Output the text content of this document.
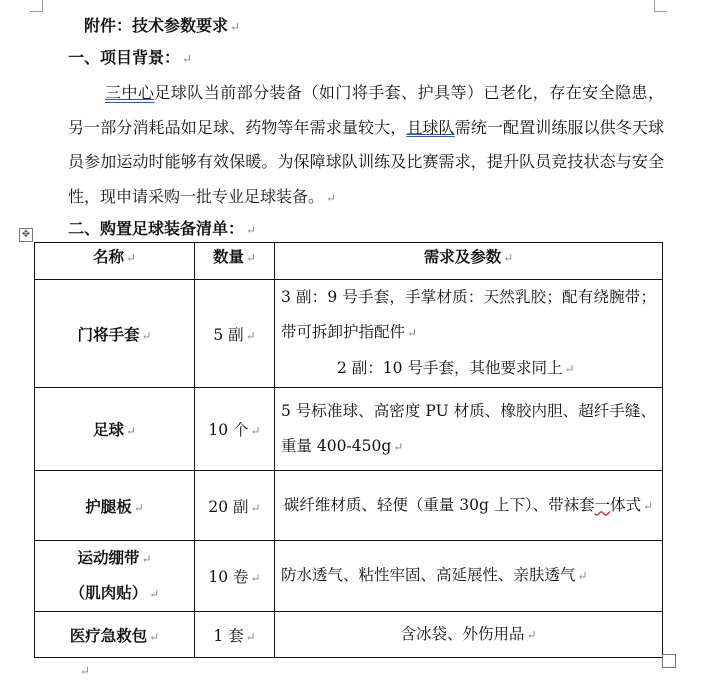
附件：技术参数要求 ↵
一、项目背景： ↵

三中心足球队当前部分装备（如门将手套、护具等）已老化，存在安全隐患，另一部分消耗品如足球、药物等年需求量较大，且球队需统一配置训练服以供冬天球员参加运动时能够有效保暖。为保障球队训练及比赛需求，提升队员竞技状态与安全性，现申请采购一批专业足球装备。 ↵

✥ 二、购置足球装备清单： ↵
名称 ↵	数量 ↵	需求及参数 ↵
门将手套 ↵	5 副 ↵	3 副：9 号手套，手掌材质：天然乳胶；配有绕腕带；带可拆卸护指配件 ↵

2 副：10 号手套，其他要求同上 ↵

足球 ↵	10 个 ↵	5 号标准球、高密度 PU 材质、橡胶内胆、超纤手缝、重量 400-450g ↵

护腿板 ↵	20 副 ↵	碳纤维材质、轻便（重量 30g 上下）、带袜套一体式 ↵

运动绷带 ↵
（肌肉贴） ↵	10 卷 ↵	防水透气、粘性牢固、高延展性、亲肤透气 ↵

医疗急救包 ↵	1 套 ↵	含冰袋、外伤用品 ↵

↵
